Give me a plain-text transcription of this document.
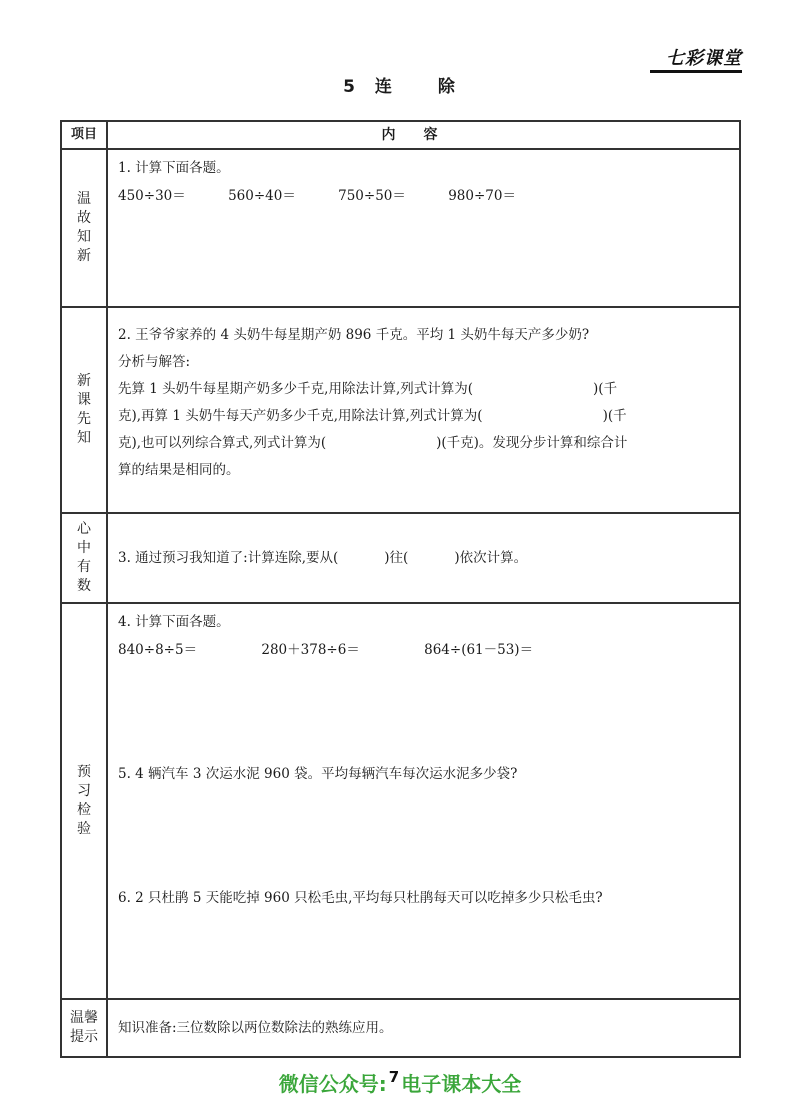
七彩课堂
5 连	除
项目	内容
温故知新
1. 计算下面各题。
450÷30＝	560÷40＝	750÷50＝	980÷70＝
新课先知
2. 王爷爷家养的 4 头奶牛每星期产奶 896 千克。平均 1 头奶牛每天产多少奶?
分析与解答:
先算 1 头奶牛每星期产奶多少千克,用除法计算,列式计算为(	)(千
克),再算 1 头奶牛每天产奶多少千克,用除法计算,列式计算为(	)(千
克),也可以列综合算式,列式计算为(	)(千克)。发现分步计算和综合计
算的结果是相同的。
心中有数
3. 通过预习我知道了:计算连除,要从(	)往(	)依次计算。
预习检验
4. 计算下面各题。
840÷8÷5＝	280＋378÷6＝	864÷(61－53)＝
5. 4 辆汽车 3 次运水泥 960 袋。平均每辆汽车每次运水泥多少袋?
6. 2 只杜鹃 5 天能吃掉 960 只松毛虫,平均每只杜鹃每天可以吃掉多少只松毛虫?
温馨提示
知识准备:三位数除以两位数除法的熟练应用。
微信公众号: $^7$ 电子课本大全
